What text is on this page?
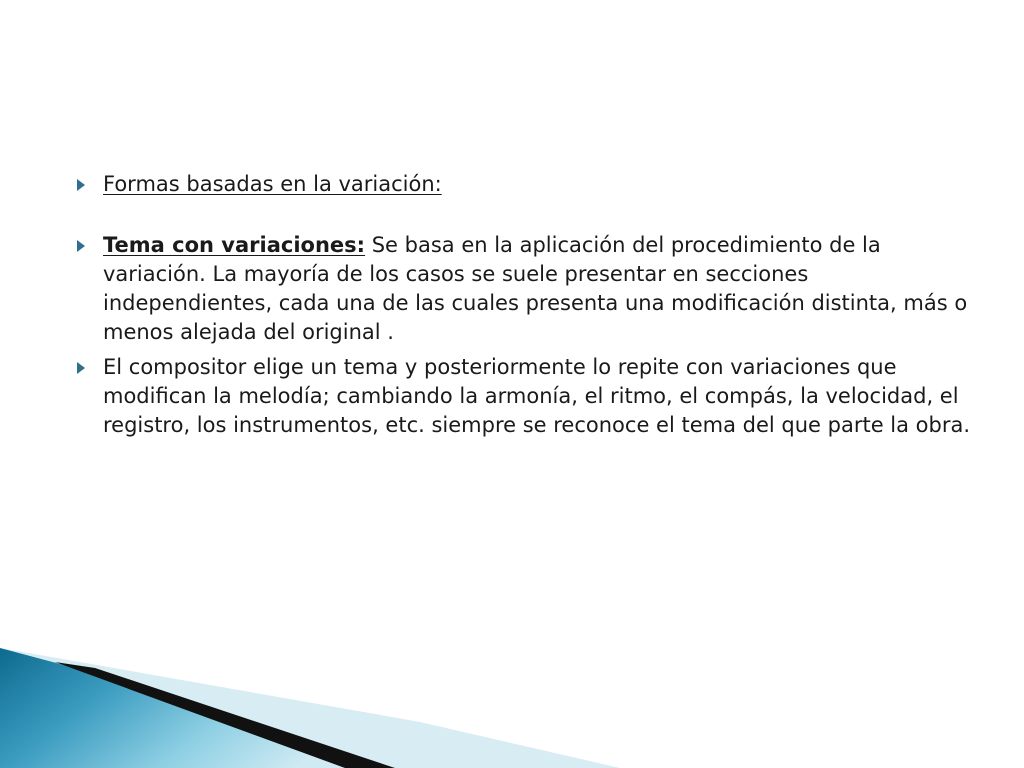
Formas basadas en la variación:
Tema con variaciones: Se basa en la aplicación del procedimiento de la variación. La mayoría de los casos se suele presentar en secciones independientes, cada una de las cuales presenta una modificación distinta, más o menos alejada del original .
El compositor elige un tema y posteriormente lo repite con variaciones que modifican la melodía; cambiando la armonía, el ritmo, el compás, la velocidad, el registro, los instrumentos, etc. siempre se reconoce el tema del que parte la obra.
